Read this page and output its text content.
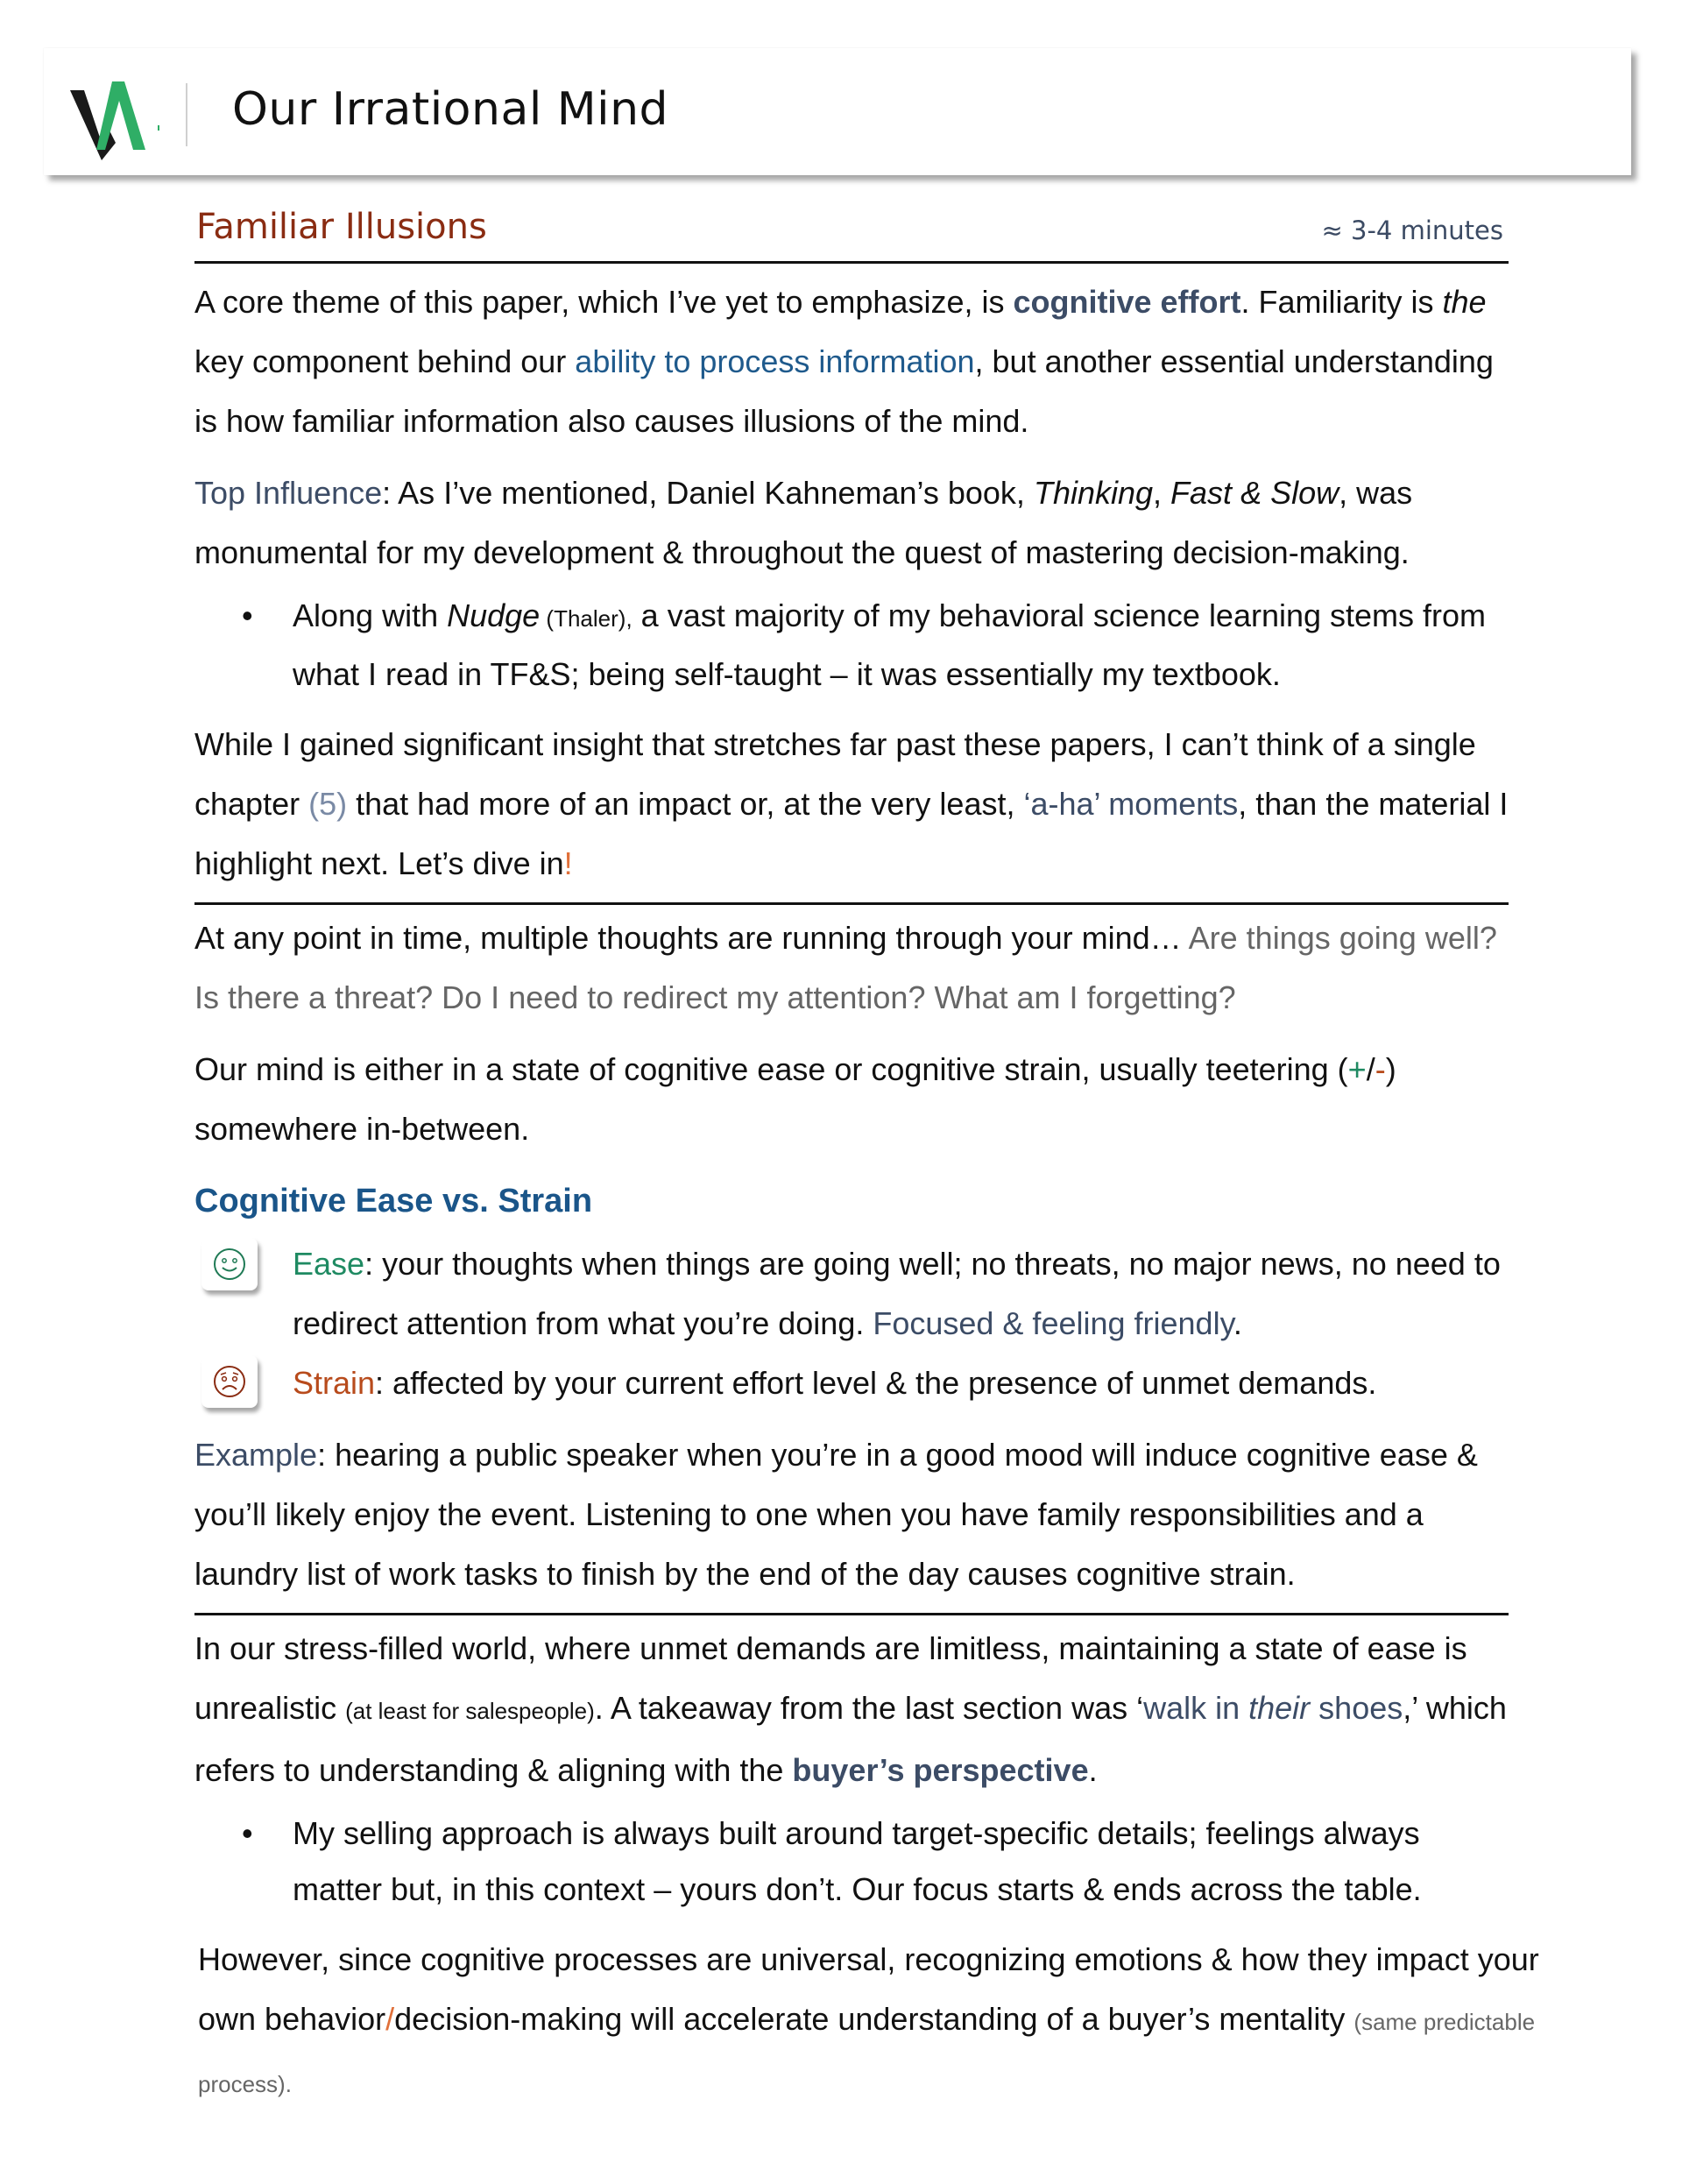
Our Irrational Mind
Familiar Illusions	≈ 3-4 minutes

A core theme of this paper, which I’ve yet to emphasize, is cognitive effort. Familiarity is the key component behind our ability to process information, but another essential understanding is how familiar information also causes illusions of the mind.

Top Influence: As I’ve mentioned, Daniel Kahneman’s book, Thinking, Fast & Slow, was monumental for my development & throughout the quest of mastering decision-making.

• Along with Nudge (Thaler), a vast majority of my behavioral science learning stems from what I read in TF&S; being self-taught – it was essentially my textbook.

While I gained significant insight that stretches far past these papers, I can’t think of a single chapter (5) that had more of an impact or, at the very least, ‘a-ha’ moments, than the material I highlight next. Let’s dive in!

At any point in time, multiple thoughts are running through your mind… Are things going well? Is there a threat? Do I need to redirect my attention? What am I forgetting?

Our mind is either in a state of cognitive ease or cognitive strain, usually teetering (+/-) somewhere in-between.

Cognitive Ease vs. Strain

Ease: your thoughts when things are going well; no threats, no major news, no need to redirect attention from what you’re doing. Focused & feeling friendly.

Strain: affected by your current effort level & the presence of unmet demands.

Example: hearing a public speaker when you’re in a good mood will induce cognitive ease & you’ll likely enjoy the event. Listening to one when you have family responsibilities and a laundry list of work tasks to finish by the end of the day causes cognitive strain.

In our stress-filled world, where unmet demands are limitless, maintaining a state of ease is unrealistic (at least for salespeople). A takeaway from the last section was ‘walk in their shoes,’ which refers to understanding & aligning with the buyer’s perspective.

• My selling approach is always built around target-specific details; feelings always matter but, in this context – yours don’t. Our focus starts & ends across the table.

However, since cognitive processes are universal, recognizing emotions & how they impact your own behavior/decision-making will accelerate understanding of a buyer’s mentality (same predictable process).
